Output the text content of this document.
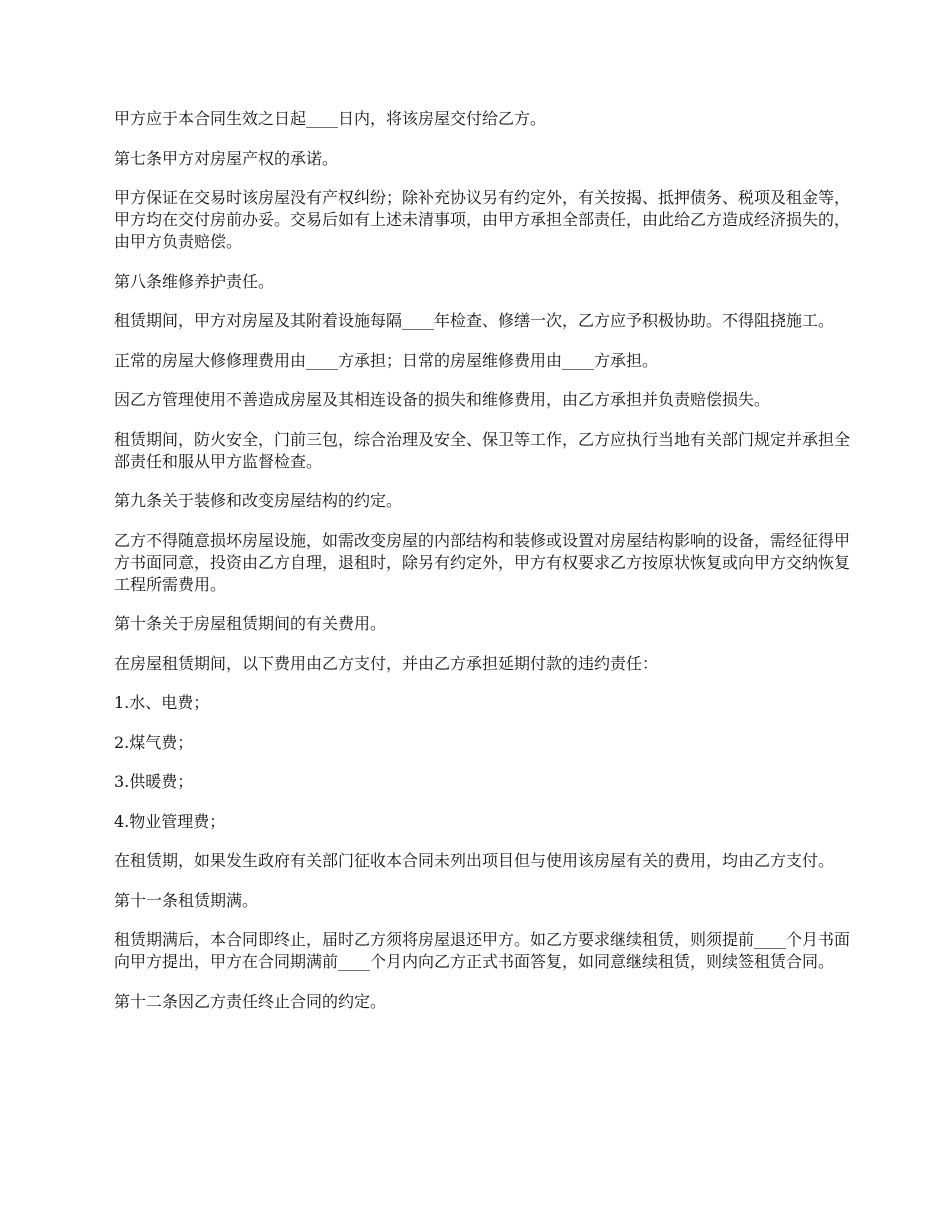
甲方应于本合同生效之日起____日内，将该房屋交付给乙方。

第七条甲方对房屋产权的承诺。

甲方保证在交易时该房屋没有产权纠纷；除补充协议另有约定外，有关按揭、抵押债务、税项及租金等，甲方均在交付房前办妥。交易后如有上述未清事项，由甲方承担全部责任，由此给乙方造成经济损失的，由甲方负责赔偿。

第八条维修养护责任。

租赁期间，甲方对房屋及其附着设施每隔____年检查、修缮一次，乙方应予积极协助。不得阻挠施工。

正常的房屋大修修理费用由____方承担；日常的房屋维修费用由____方承担。

因乙方管理使用不善造成房屋及其相连设备的损失和维修费用，由乙方承担并负责赔偿损失。

租赁期间，防火安全，门前三包，综合治理及安全、保卫等工作，乙方应执行当地有关部门规定并承担全部责任和服从甲方监督检查。

第九条关于装修和改变房屋结构的约定。

乙方不得随意损坏房屋设施，如需改变房屋的内部结构和装修或设置对房屋结构影响的设备，需经征得甲方书面同意，投资由乙方自理，退租时，除另有约定外，甲方有权要求乙方按原状恢复或向甲方交纳恢复工程所需费用。

第十条关于房屋租赁期间的有关费用。

在房屋租赁期间，以下费用由乙方支付，并由乙方承担延期付款的违约责任：

1.水、电费；

2.煤气费；

3.供暖费；

4.物业管理费；

在租赁期，如果发生政府有关部门征收本合同未列出项目但与使用该房屋有关的费用，均由乙方支付。

第十一条租赁期满。

租赁期满后，本合同即终止，届时乙方须将房屋退还甲方。如乙方要求继续租赁，则须提前____个月书面向甲方提出，甲方在合同期满前____个月内向乙方正式书面答复，如同意继续租赁，则续签租赁合同。

第十二条因乙方责任终止合同的约定。
